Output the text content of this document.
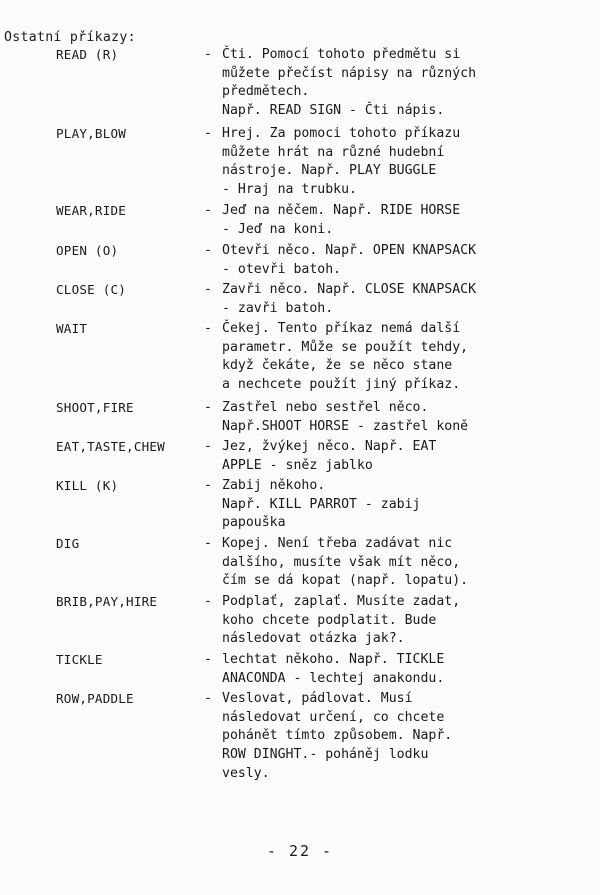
Ostatní příkazy:
READ (R)	- Čti. Pomocí tohoto předmětu si
můžete přečíst nápisy na různých
předmětech.
Např. READ SIGN - Čti nápis.
PLAY,BLOW	- Hrej. Za pomoci tohoto příkazu
můžete hrát na různé hudební
nástroje. Např. PLAY BUGGLE
- Hraj na trubku.
WEAR,RIDE	- Jeď na něčem. Např. RIDE HORSE
- Jeď na koni.
OPEN (O)	- Otevři něco. Např. OPEN KNAPSACK
- otevři batoh.
CLOSE (C)	- Zavři něco. Např. CLOSE KNAPSACK
- zavři batoh.
WAIT	- Čekej. Tento příkaz nemá další
parametr. Může se použít tehdy,
když čekáte, že se něco stane
a nechcete použít jiný příkaz.
SHOOT,FIRE	- Zastřel nebo sestřel něco.
Např.SHOOT HORSE - zastřel koně
EAT,TASTE,CHEW	- Jez, žvýkej něco. Např. EAT
APPLE - sněz jablko
KILL (K)	- Zabij někoho.
Např. KILL PARROT - zabij
papouška
DIG	- Kopej. Není třeba zadávat nic
dalšího, musíte však mít něco,
čím se dá kopat (např. lopatu).
BRIB,PAY,HIRE	- Podplať, zaplať. Musíte zadat,
koho chcete podplatit. Bude
následovat otázka jak?.
TICKLE	- lechtat někoho. Např. TICKLE
ANACONDA - lechtej anakondu.
ROW,PADDLE	- Veslovat, pádlovat. Musí
následovat určení, co chcete
pohánět tímto způsobem. Např.
ROW DINGHT.- poháněj lodku
vesly.
- 22 -
